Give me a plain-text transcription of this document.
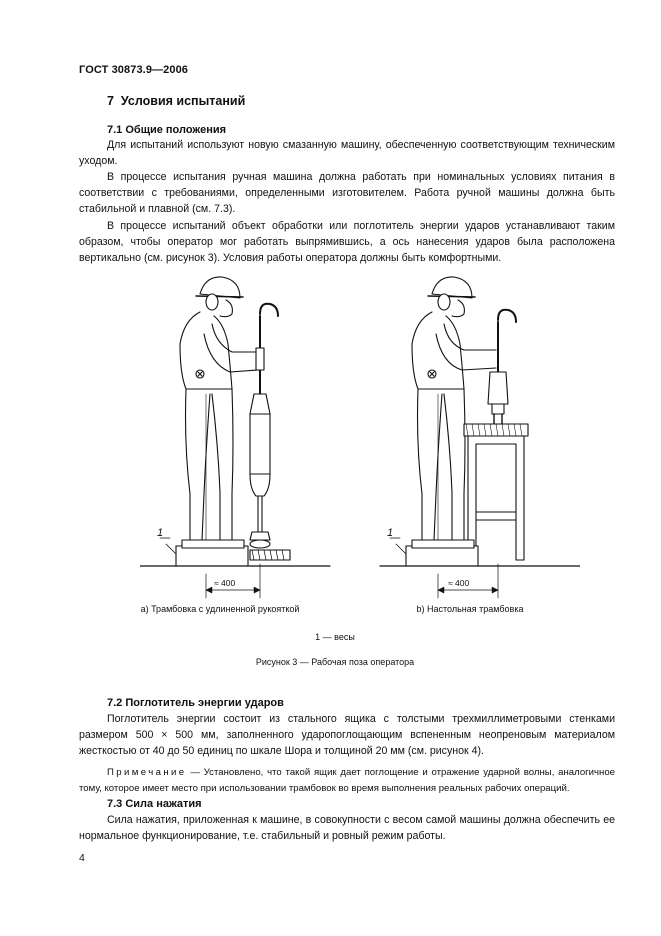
ГОСТ 30873.9—2006
7 Условия испытаний
7.1 Общие положения

Для испытаний используют новую смазанную машину, обеспеченную соответствующим техническим уходом.

В процессе испытания ручная машина должна работать при номинальных условиях питания в соответствии с требованиями, определенными изготовителем. Работа ручной машины должна быть стабильной и плавной (см. 7.3).

В процессе испытаний объект обработки или поглотитель энергии ударов устанавливают таким образом, чтобы оператор мог работать выпрямившись, а ось нанесения ударов была расположена вертикально (см. рисунок 3). Условия работы оператора должны быть комфортными.

1	1
≈ 400	≈ 400
a) Трамбовка с удлиненной рукояткой	b) Настольная трамбовка
1 — весы
Рисунок 3 — Рабочая поза оператора
7.2 Поглотитель энергии ударов

Поглотитель энергии состоит из стального ящика с толстыми трехмиллиметровыми стенками размером 500 × 500 мм, заполненного ударопоглощающим вспененным неопреновым материалом жесткостью от 40 до 50 единиц по шкале Шора и толщиной 20 мм (см. рисунок 4).

Примечание — Установлено, что такой ящик дает поглощение и отражение ударной волны, аналогичное тому, которое имеет место при использовании трамбовок во время выполнения реальных рабочих операций.

7.3 Сила нажатия

Сила нажатия, приложенная к машине, в совокупности с весом самой машины должна обеспечить ее нормальное функционирование, т.е. стабильный и ровный режим работы.

4
